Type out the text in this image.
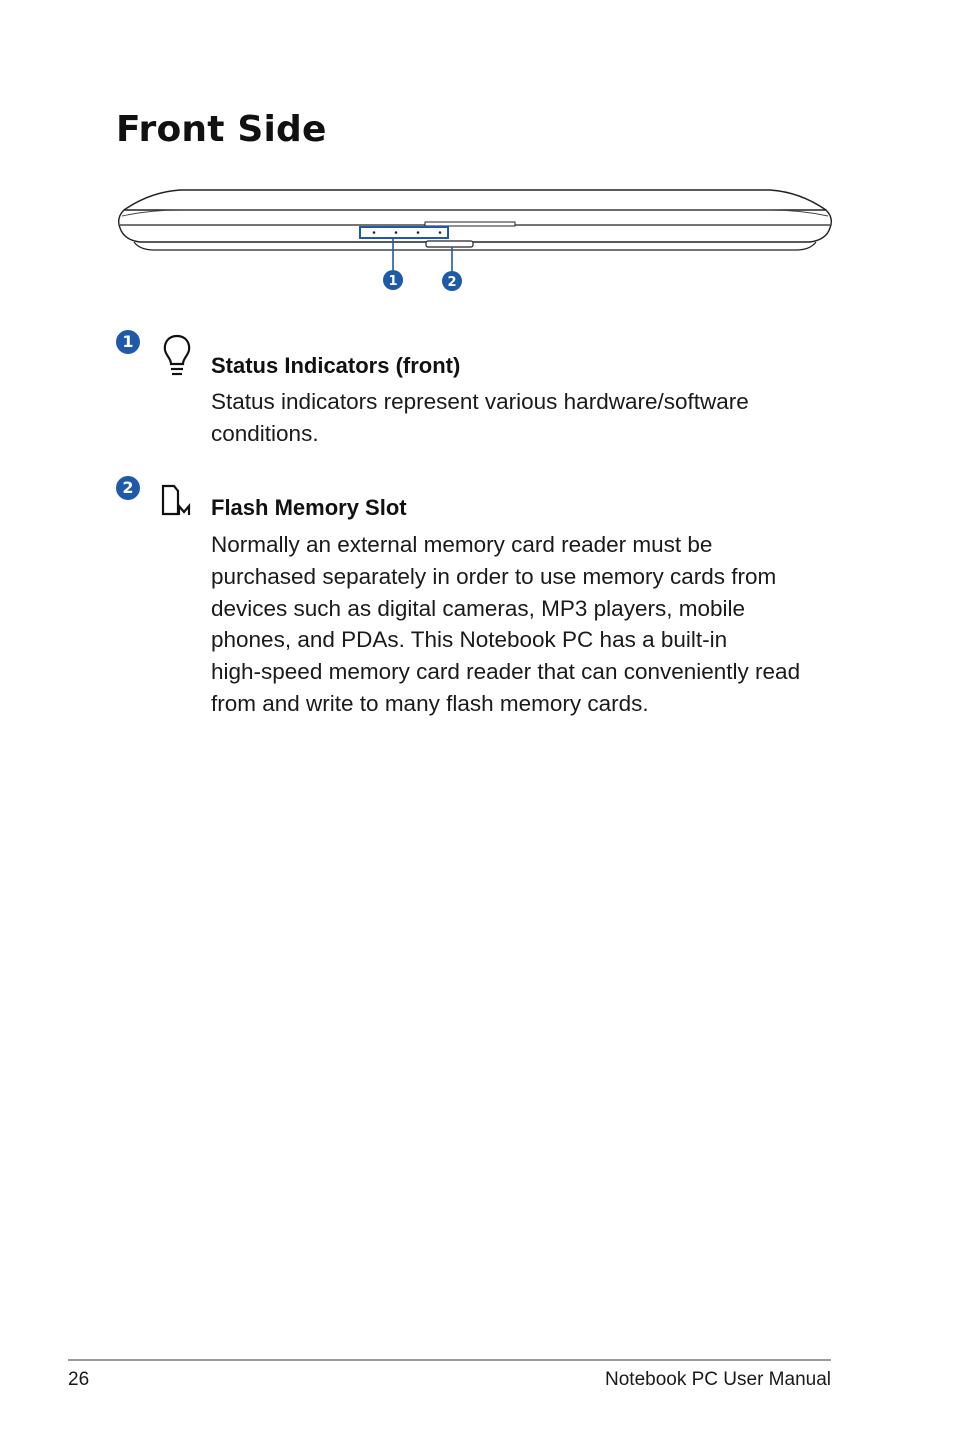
Front Side
1	2
1
Status Indicators (front)
Status indicators represent various hardware/software
conditions.
2
Flash Memory Slot
Normally an external memory card reader must be
purchased separately in order to use memory cards from
devices such as digital cameras, MP3 players, mobile
phones, and PDAs. This Notebook PC has a built-in
high-speed memory card reader that can conveniently read
from and write to many flash memory cards.
26	Notebook PC User Manual
